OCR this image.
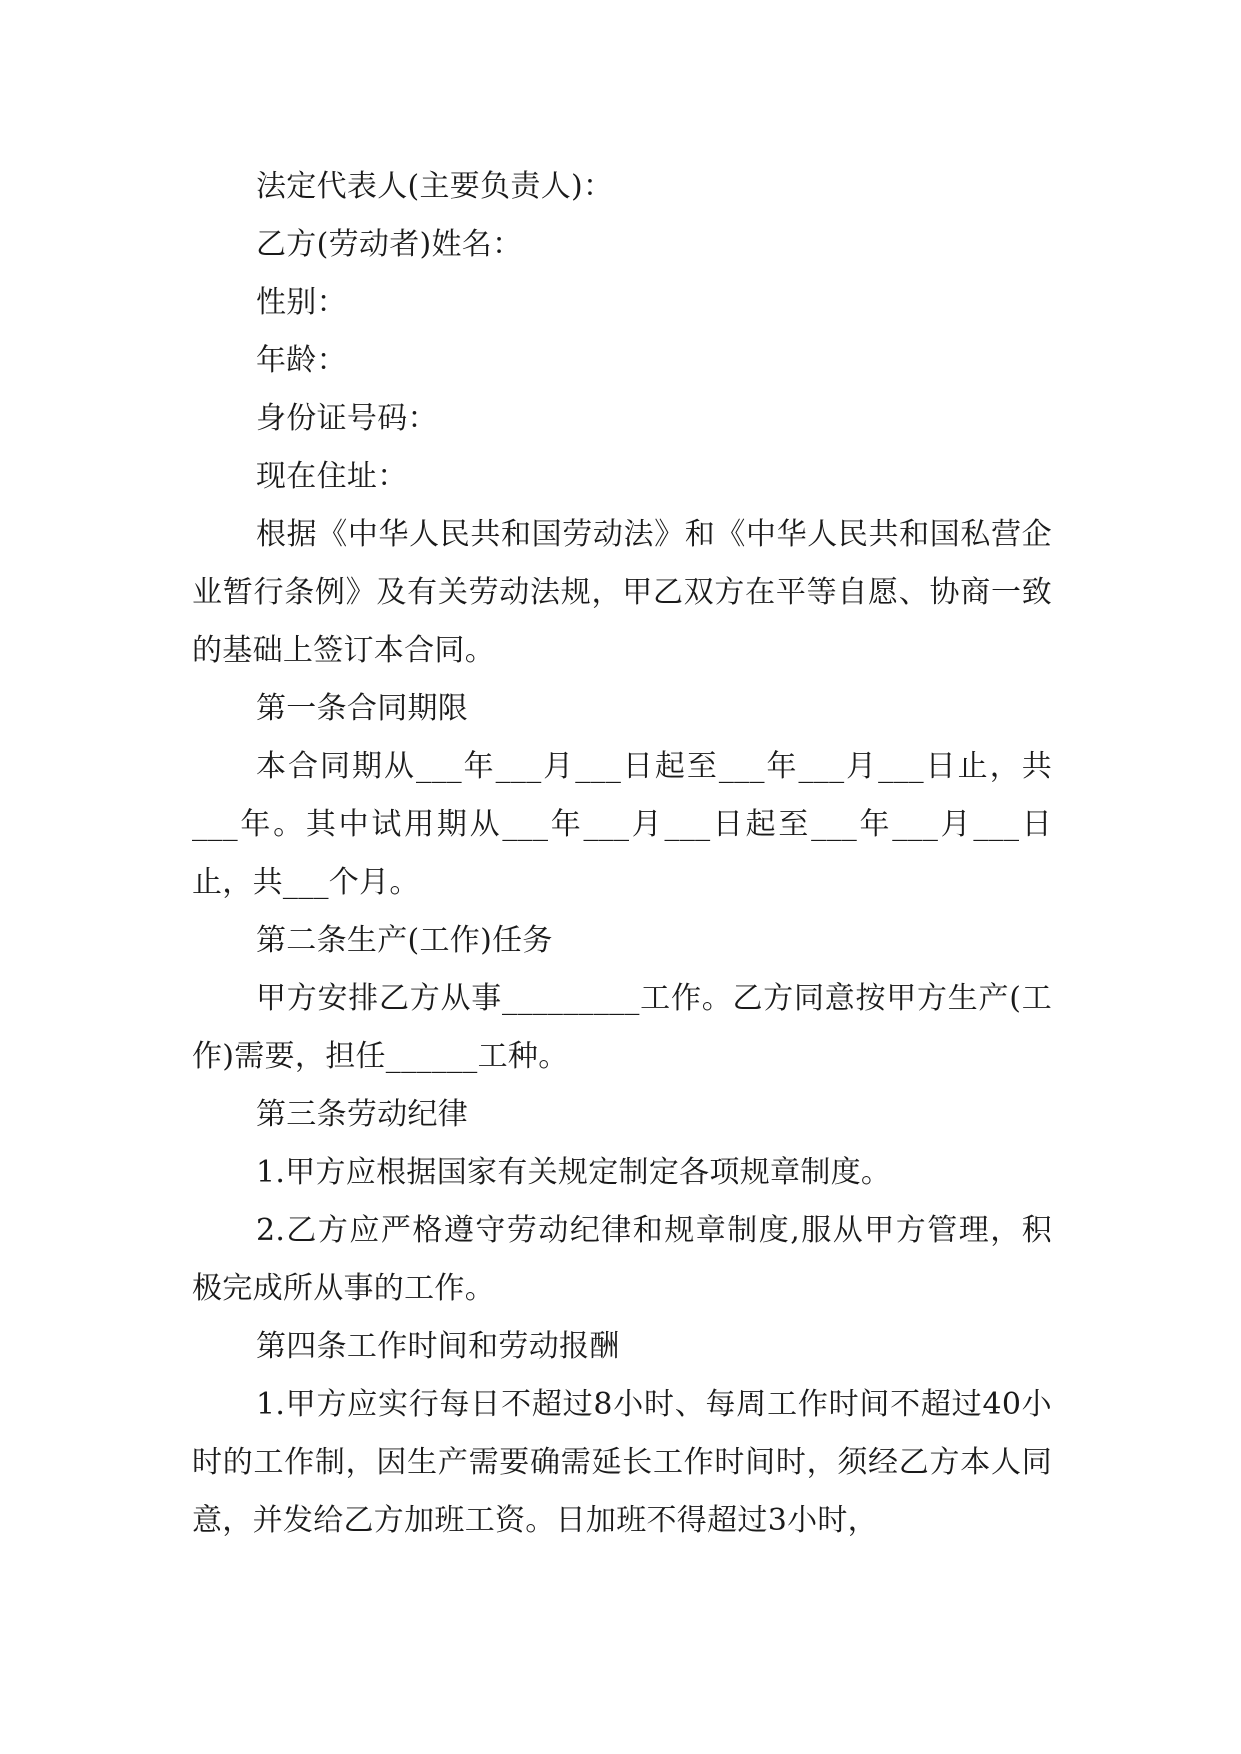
法定代表人(主要负责人)：

乙方(劳动者)姓名：

性别：

年龄：

身份证号码：

现在住址：

根据《中华人民共和国劳动法》和《中华人民共和国私营企业暂行条例》及有关劳动法规，甲乙双方在平等自愿、协商一致的基础上签订本合同。

第一条合同期限

本合同期从___年___月___日起至___年___月___日止，共___年。其中试用期从___年___月___日起至___年___月___日止，共___个月。

第二条生产(工作)任务

甲方安排乙方从事_________工作。乙方同意按甲方生产(工作)需要，担任______工种。

第三条劳动纪律

1.甲方应根据国家有关规定制定各项规章制度。

2.乙方应严格遵守劳动纪律和规章制度,服从甲方管理，积极完成所从事的工作。

第四条工作时间和劳动报酬

1.甲方应实行每日不超过8小时、每周工作时间不超过40小时的工作制，因生产需要确需延长工作时间时，须经乙方本人同意，并发给乙方加班工资。日加班不得超过3小时，
